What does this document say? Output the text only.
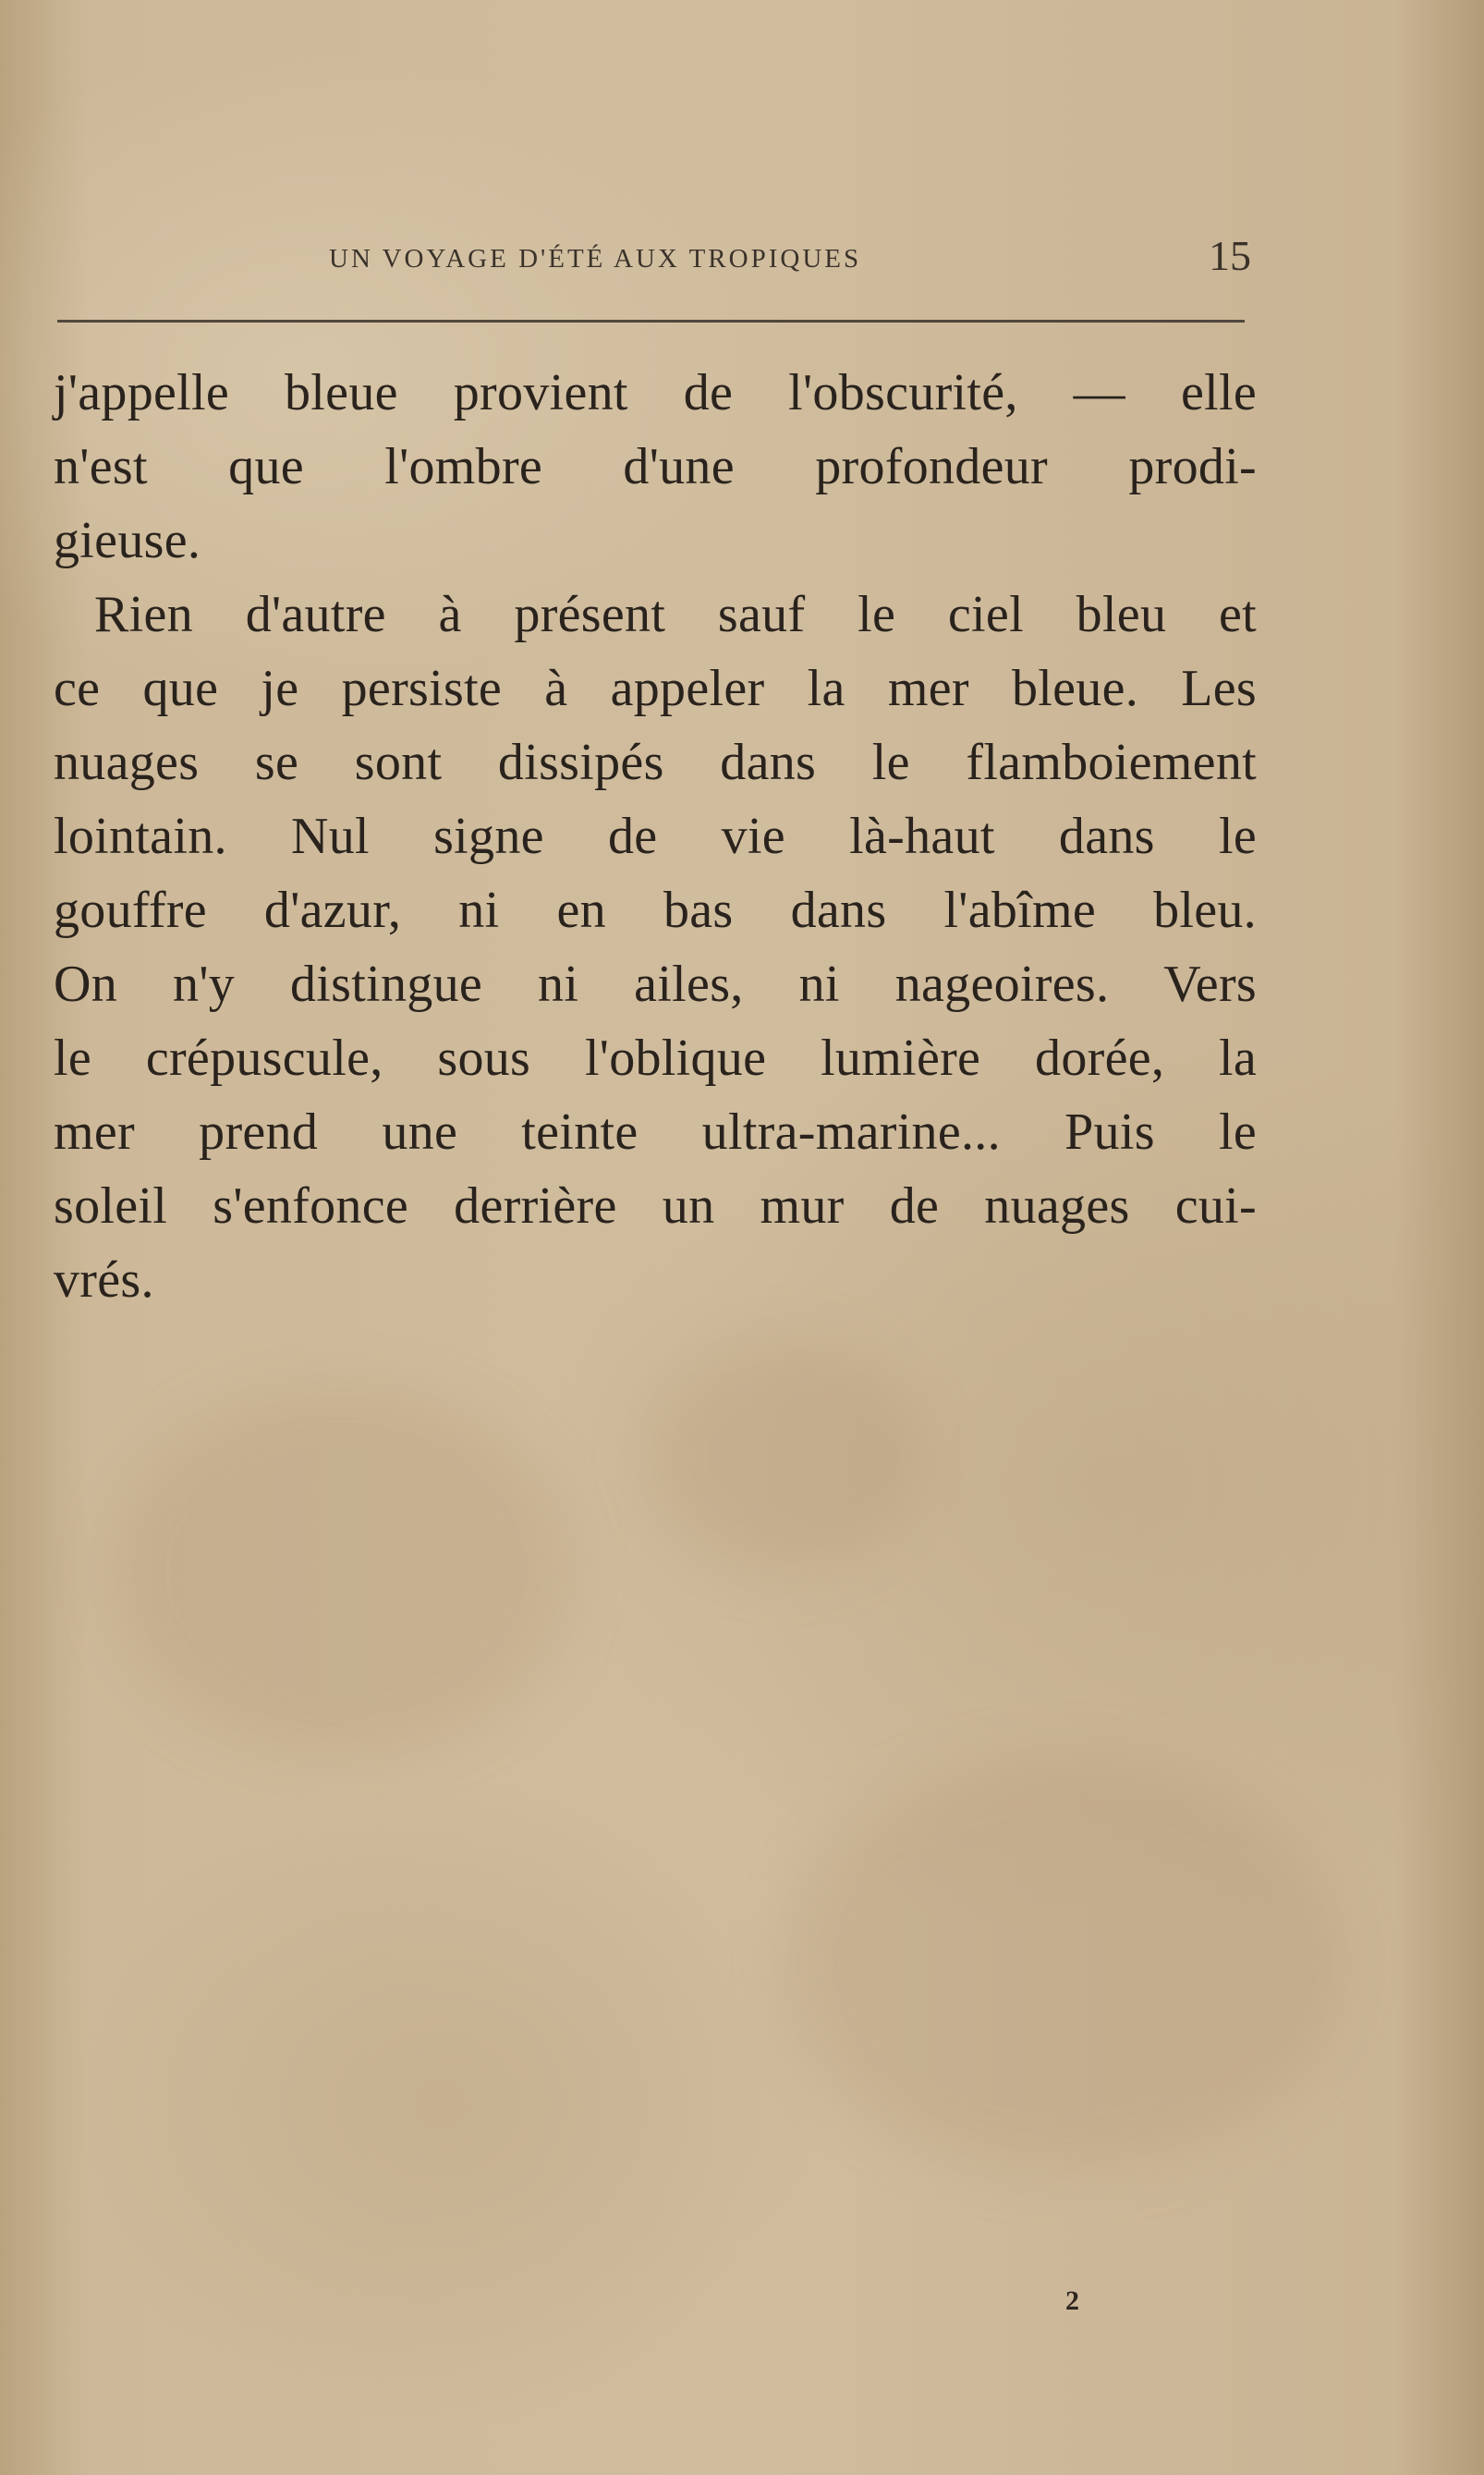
UN VOYAGE D'ÉTÉ AUX TROPIQUES	15
j'appelle bleue provient de l'obscurité, — elle
n'est que l'ombre d'une profondeur prodi-
gieuse.
Rien d'autre à présent sauf le ciel bleu et
ce que je persiste à appeler la mer bleue. Les
nuages se sont dissipés dans le flamboiement
lointain. Nul signe de vie là-haut dans le
gouffre d'azur, ni en bas dans l'abîme bleu.
On n'y distingue ni ailes, ni nageoires. Vers
le crépuscule, sous l'oblique lumière dorée, la
mer prend une teinte ultra-marine... Puis le
soleil s'enfonce derrière un mur de nuages cui-
vrés.
2
